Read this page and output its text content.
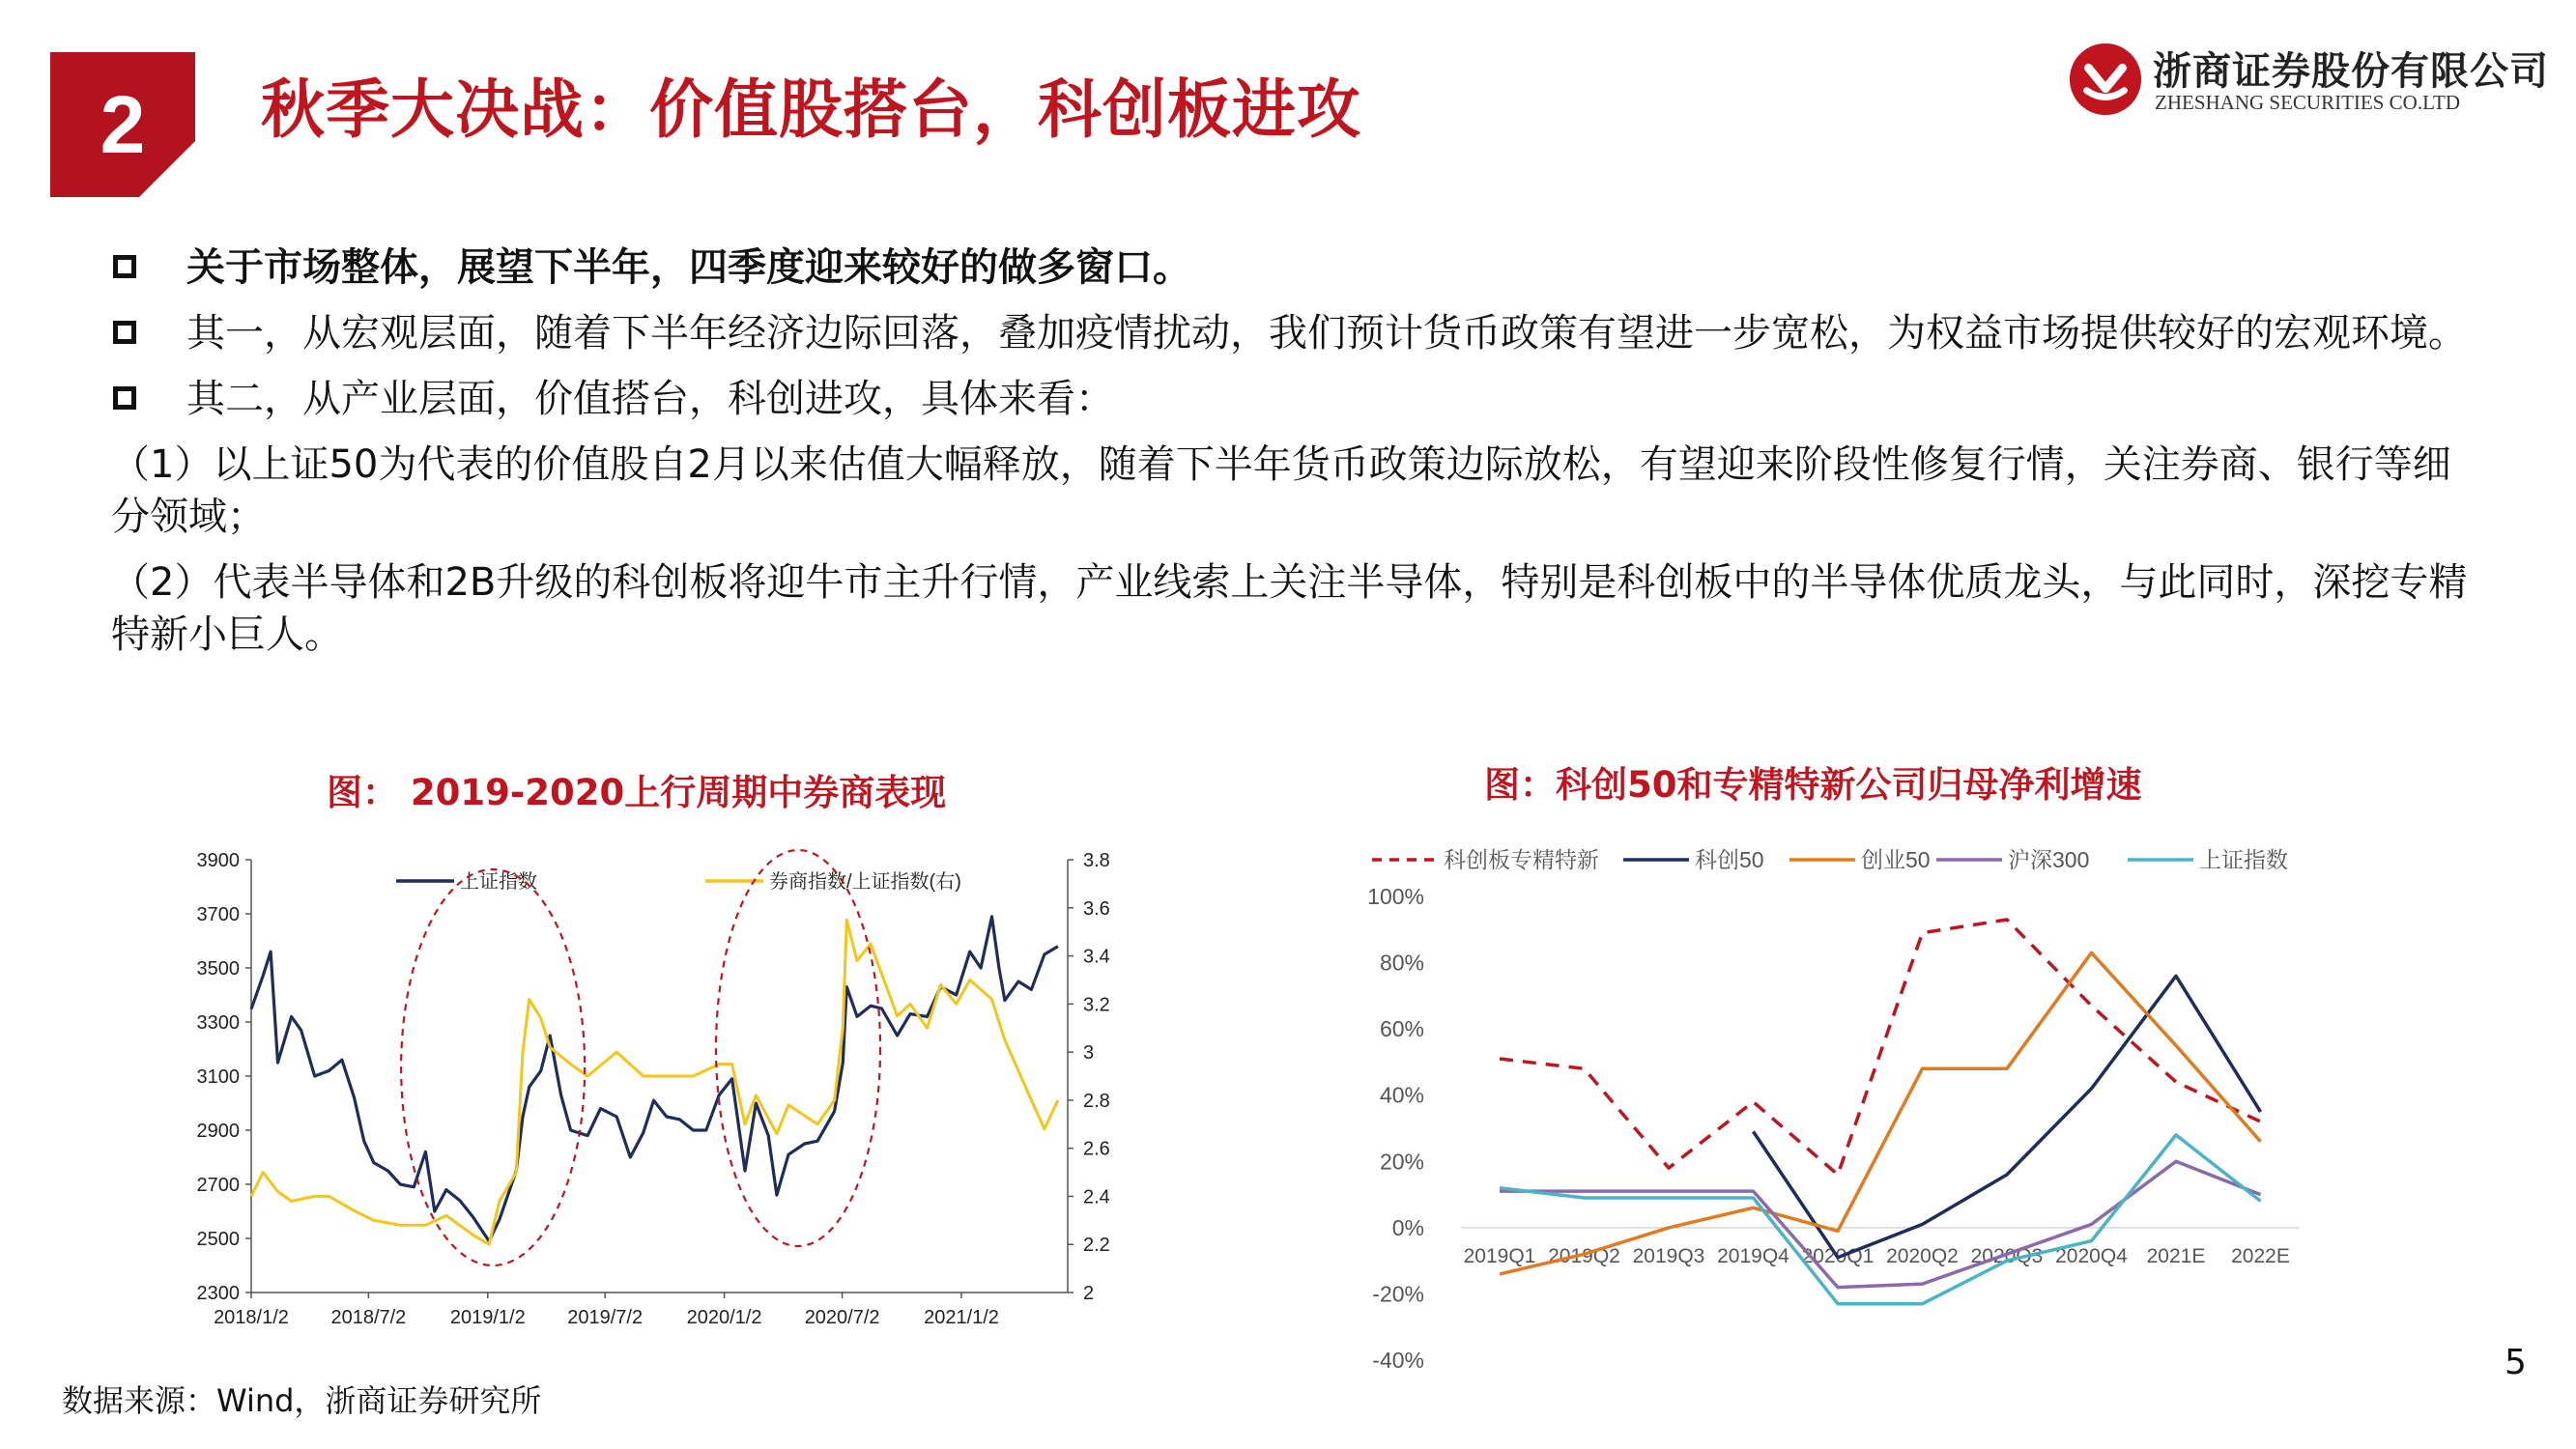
2	秋季大决战：价值股搭台，科创板进攻
浙商证券股份有限公司
ZHESHANG SECURITIES CO.LTD
关于市场整体，展望下半年，四季度迎来较好的做多窗口。
其一，从宏观层面，随着下半年经济边际回落，叠加疫情扰动，我们预计货币政策有望进一步宽松，为权益市场提供较好的宏观环境。
其二，从产业层面，价值搭台，科创进攻，具体来看：
（1）以上证50为代表的价值股自2月以来估值大幅释放，随着下半年货币政策边际放松，有望迎来阶段性修复行情，关注券商、银行等细分领域；
（2）代表半导体和2B升级的科创板将迎牛市主升行情，产业线索上关注半导体，特别是科创板中的半导体优质龙头，与此同时，深挖专精特新小巨人。
图： 2019-2020上行周期中券商表现	图：科创50和专精特新公司归母净利增速
3900
3700
3500
3300
3100
2900
2700
2500
2300
3.8
3.6
3.4
3.2
3
2.8
2.6
2.4
2.2
2
2018/1/2 2018/7/2 2019/1/2 2019/7/2 2020/1/2 2020/7/2 2021/1/2
上证指数	券商指数/上证指数(右)
科创板专精特新	科创50	创业50	沪深300	上证指数
100%
80%
60%
40%
20%
0%
-20%
-40%
2019Q1 2019Q2 2019Q3 2019Q4 2020Q1 2020Q2 2020Q3 2020Q4 2021E 2022E
数据来源：Wind，浙商证券研究所
5
